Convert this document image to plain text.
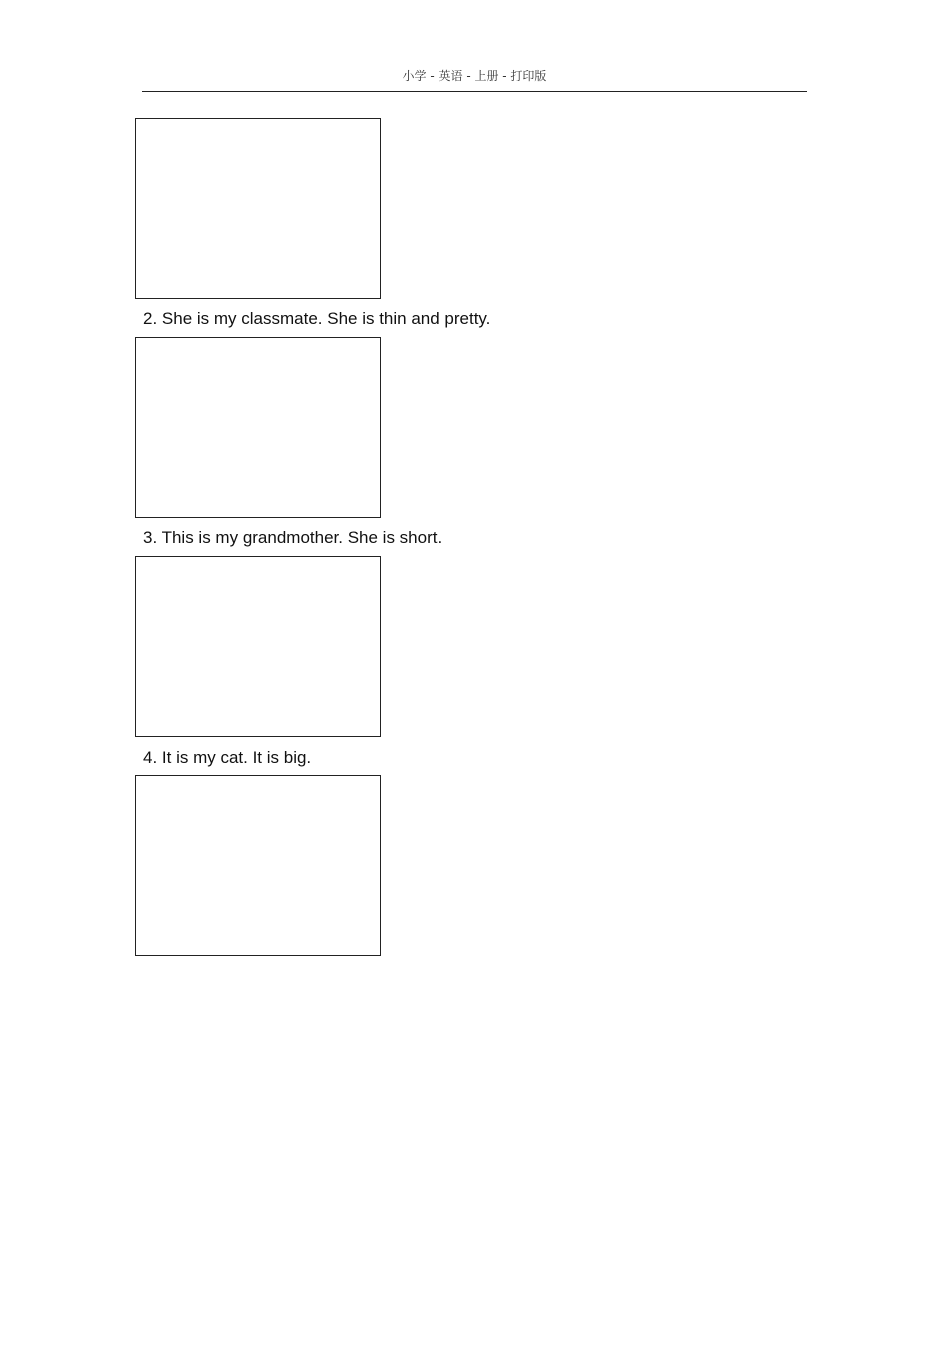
小学 - 英语 - 上册 - 打印版
2. She is my classmate. She is thin and pretty.
3. This is my grandmother. She is short.
4. It is my cat. It is big.
